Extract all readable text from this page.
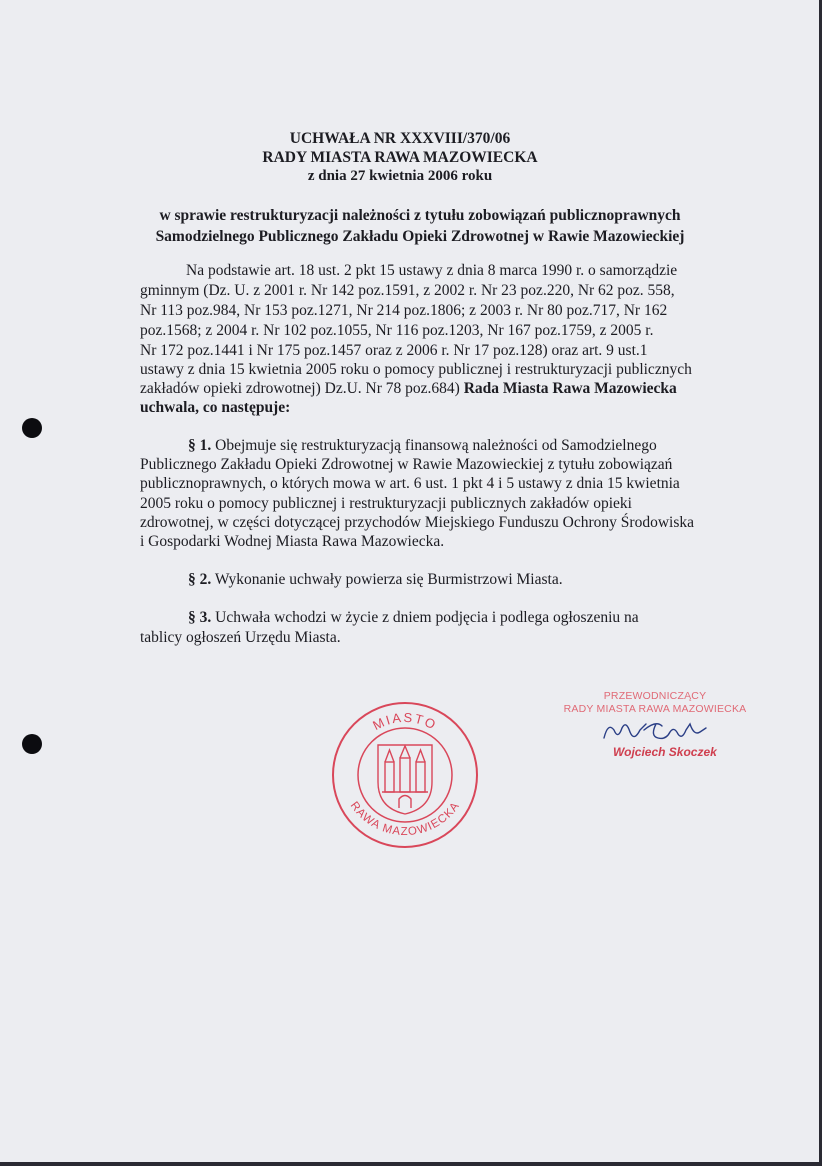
UCHWAŁA NR XXXVIII/370/06
RADY MIASTA RAWA MAZOWIECKA
z dnia 27 kwietnia 2006 roku
w sprawie restrukturyzacji należności z tytułu zobowiązań publicznoprawnych
Samodzielnego Publicznego Zakładu Opieki Zdrowotnej w Rawie Mazowieckiej
Na podstawie art. 18 ust. 2 pkt 15 ustawy z dnia 8 marca 1990 r. o samorządzie
gminnym (Dz. U. z 2001 r. Nr 142 poz.1591, z 2002 r. Nr 23 poz.220, Nr 62 poz. 558,
Nr 113 poz.984, Nr 153 poz.1271, Nr 214 poz.1806; z 2003 r. Nr 80 poz.717, Nr 162
poz.1568; z 2004 r. Nr 102 poz.1055, Nr 116 poz.1203, Nr 167 poz.1759, z 2005 r.
Nr 172 poz.1441 i Nr 175 poz.1457 oraz z 2006 r. Nr 17 poz.128) oraz art. 9 ust.1
ustawy z dnia 15 kwietnia 2005 roku o pomocy publicznej i restrukturyzacji publicznych
zakładów opieki zdrowotnej) Dz.U. Nr 78 poz.684) Rada Miasta Rawa Mazowiecka
uchwala, co następuje:
§ 1. Obejmuje się restrukturyzacją finansową należności od Samodzielnego
Publicznego Zakładu Opieki Zdrowotnej w Rawie Mazowieckiej z tytułu zobowiązań
publicznoprawnych, o których mowa w art. 6 ust. 1 pkt 4 i 5 ustawy z dnia 15 kwietnia
2005 roku o pomocy publicznej i restrukturyzacji publicznych zakładów opieki
zdrowotnej, w części dotyczącej przychodów Miejskiego Funduszu Ochrony Środowiska
i Gospodarki Wodnej Miasta Rawa Mazowiecka.
§ 2. Wykonanie uchwały powierza się Burmistrzowi Miasta.
§ 3. Uchwała wchodzi w życie z dniem podjęcia i podlega ogłoszeniu na
tablicy ogłoszeń Urzędu Miasta.
MIASTO
RAWA MAZOWIECKA
PRZEWODNICZĄCY
RADY MIASTA RAWA MAZOWIECKA
Wojciech Skoczek
